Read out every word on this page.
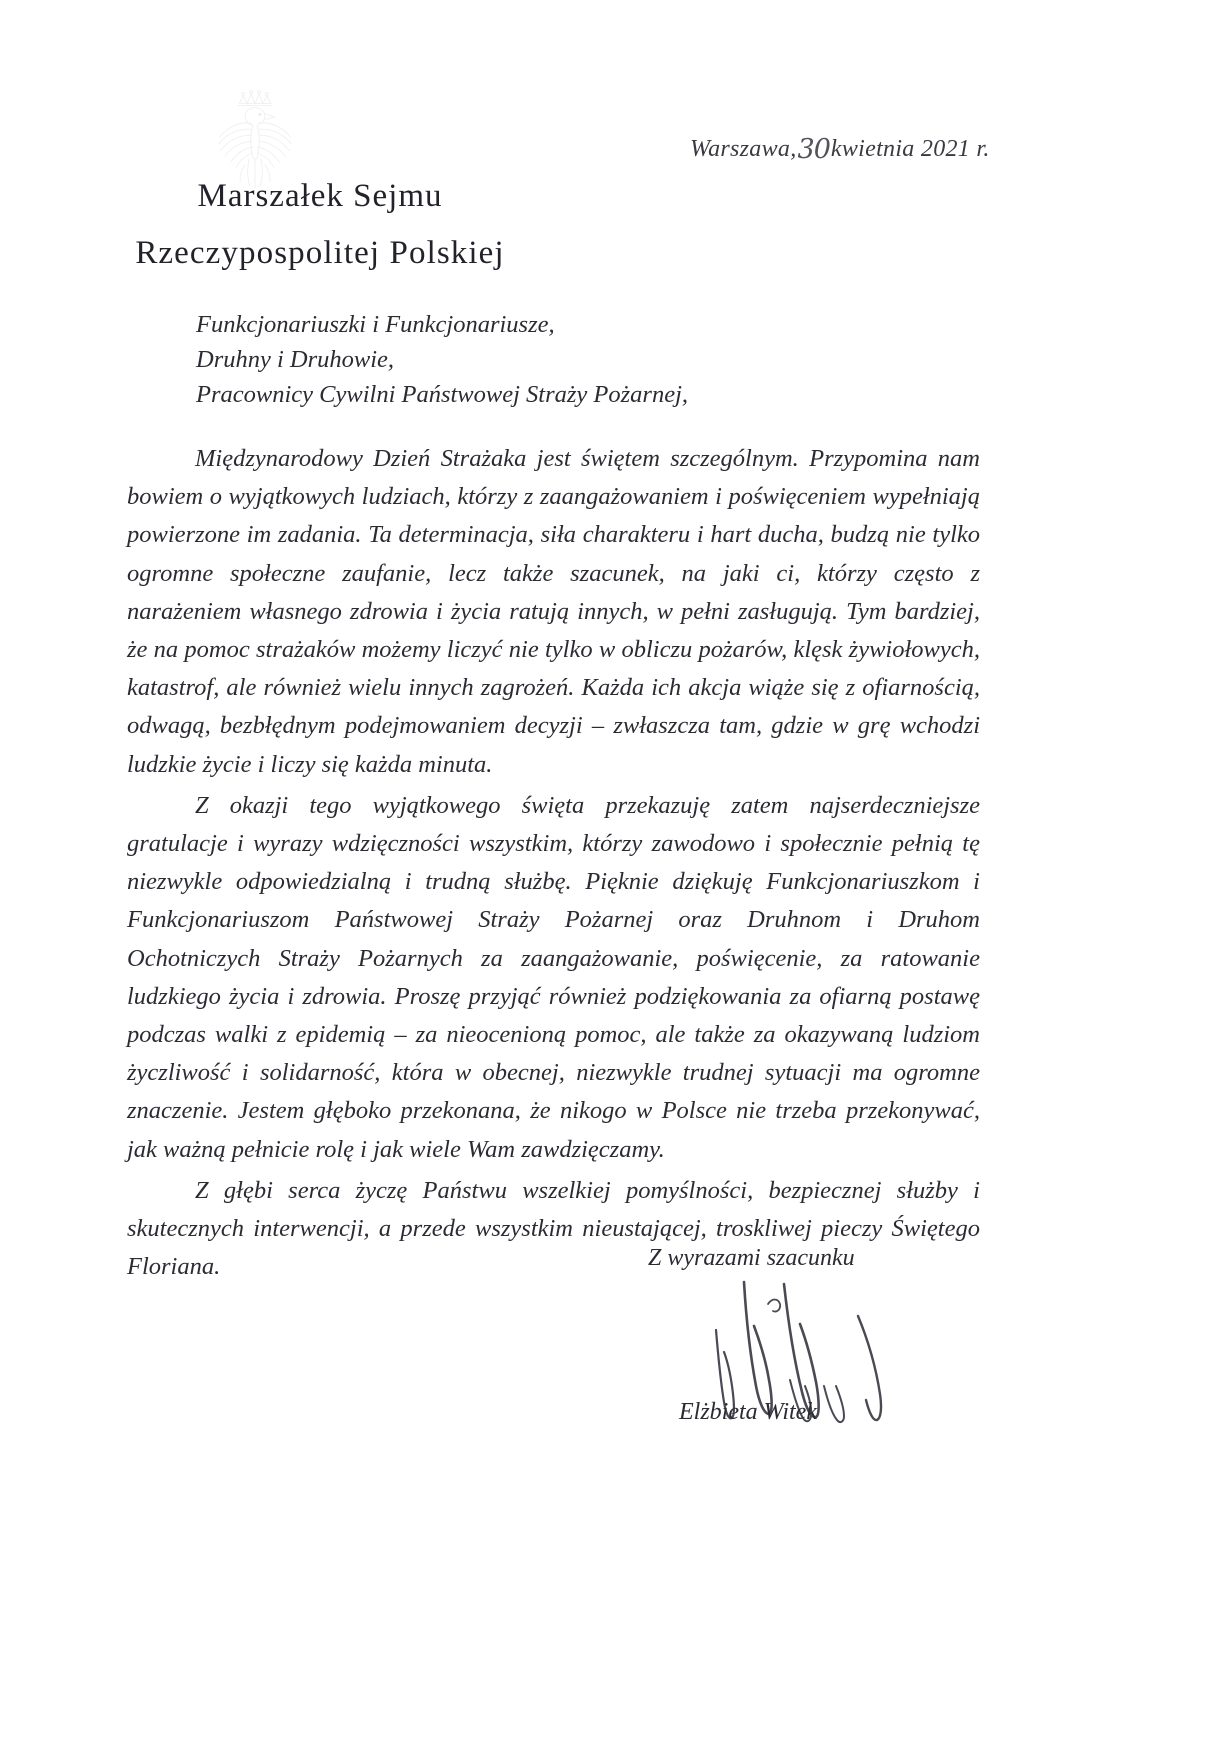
Warszawa,30kwietnia 2021 r.
Marszałek Sejmu
Rzeczypospolitej Polskiej
Funkcjonariuszki i Funkcjonariusze,
Druhny i Druhowie,
Pracownicy Cywilni Państwowej Straży Pożarnej,

Międzynarodowy Dzień Strażaka jest świętem szczególnym. Przypomina nam bowiem o wyjątkowych ludziach, którzy z zaangażowaniem i poświęceniem wypełniają powierzone im zadania. Ta determinacja, siła charakteru i hart ducha, budzą nie tylko ogromne społeczne zaufanie, lecz także szacunek, na jaki ci, którzy często z narażeniem własnego zdrowia i życia ratują innych, w pełni zasługują. Tym bardziej, że na pomoc strażaków możemy liczyć nie tylko w obliczu pożarów, klęsk żywiołowych, katastrof, ale również wielu innych zagrożeń. Każda ich akcja wiąże się z ofiarnością, odwagą, bezbłędnym podejmowaniem decyzji – zwłaszcza tam, gdzie w grę wchodzi ludzkie życie i liczy się każda minuta.

Z okazji tego wyjątkowego święta przekazuję zatem najserdeczniejsze gratulacje i wyrazy wdzięczności wszystkim, którzy zawodowo i społecznie pełnią tę niezwykle odpowiedzialną i trudną służbę. Pięknie dziękuję Funkcjonariuszkom i Funkcjonariuszom Państwowej Straży Pożarnej oraz Druhnom i Druhom Ochotniczych Straży Pożarnych za zaangażowanie, poświęcenie, za ratowanie ludzkiego życia i zdrowia. Proszę przyjąć również podziękowania za ofiarną postawę podczas walki z epidemią – za nieocenioną pomoc, ale także za okazywaną ludziom życzliwość i solidarność, która w obecnej, niezwykle trudnej sytuacji ma ogromne znaczenie. Jestem głęboko przekonana, że nikogo w Polsce nie trzeba przekonywać, jak ważną pełnicie rolę i jak wiele Wam zawdzięczamy.

Z głębi serca życzę Państwu wszelkiej pomyślności, bezpiecznej służby i skutecznych interwencji, a przede wszystkim nieustającej, troskliwej pieczy Świętego Floriana.	Z wyrazami szacunku
Elżbieta Witek
